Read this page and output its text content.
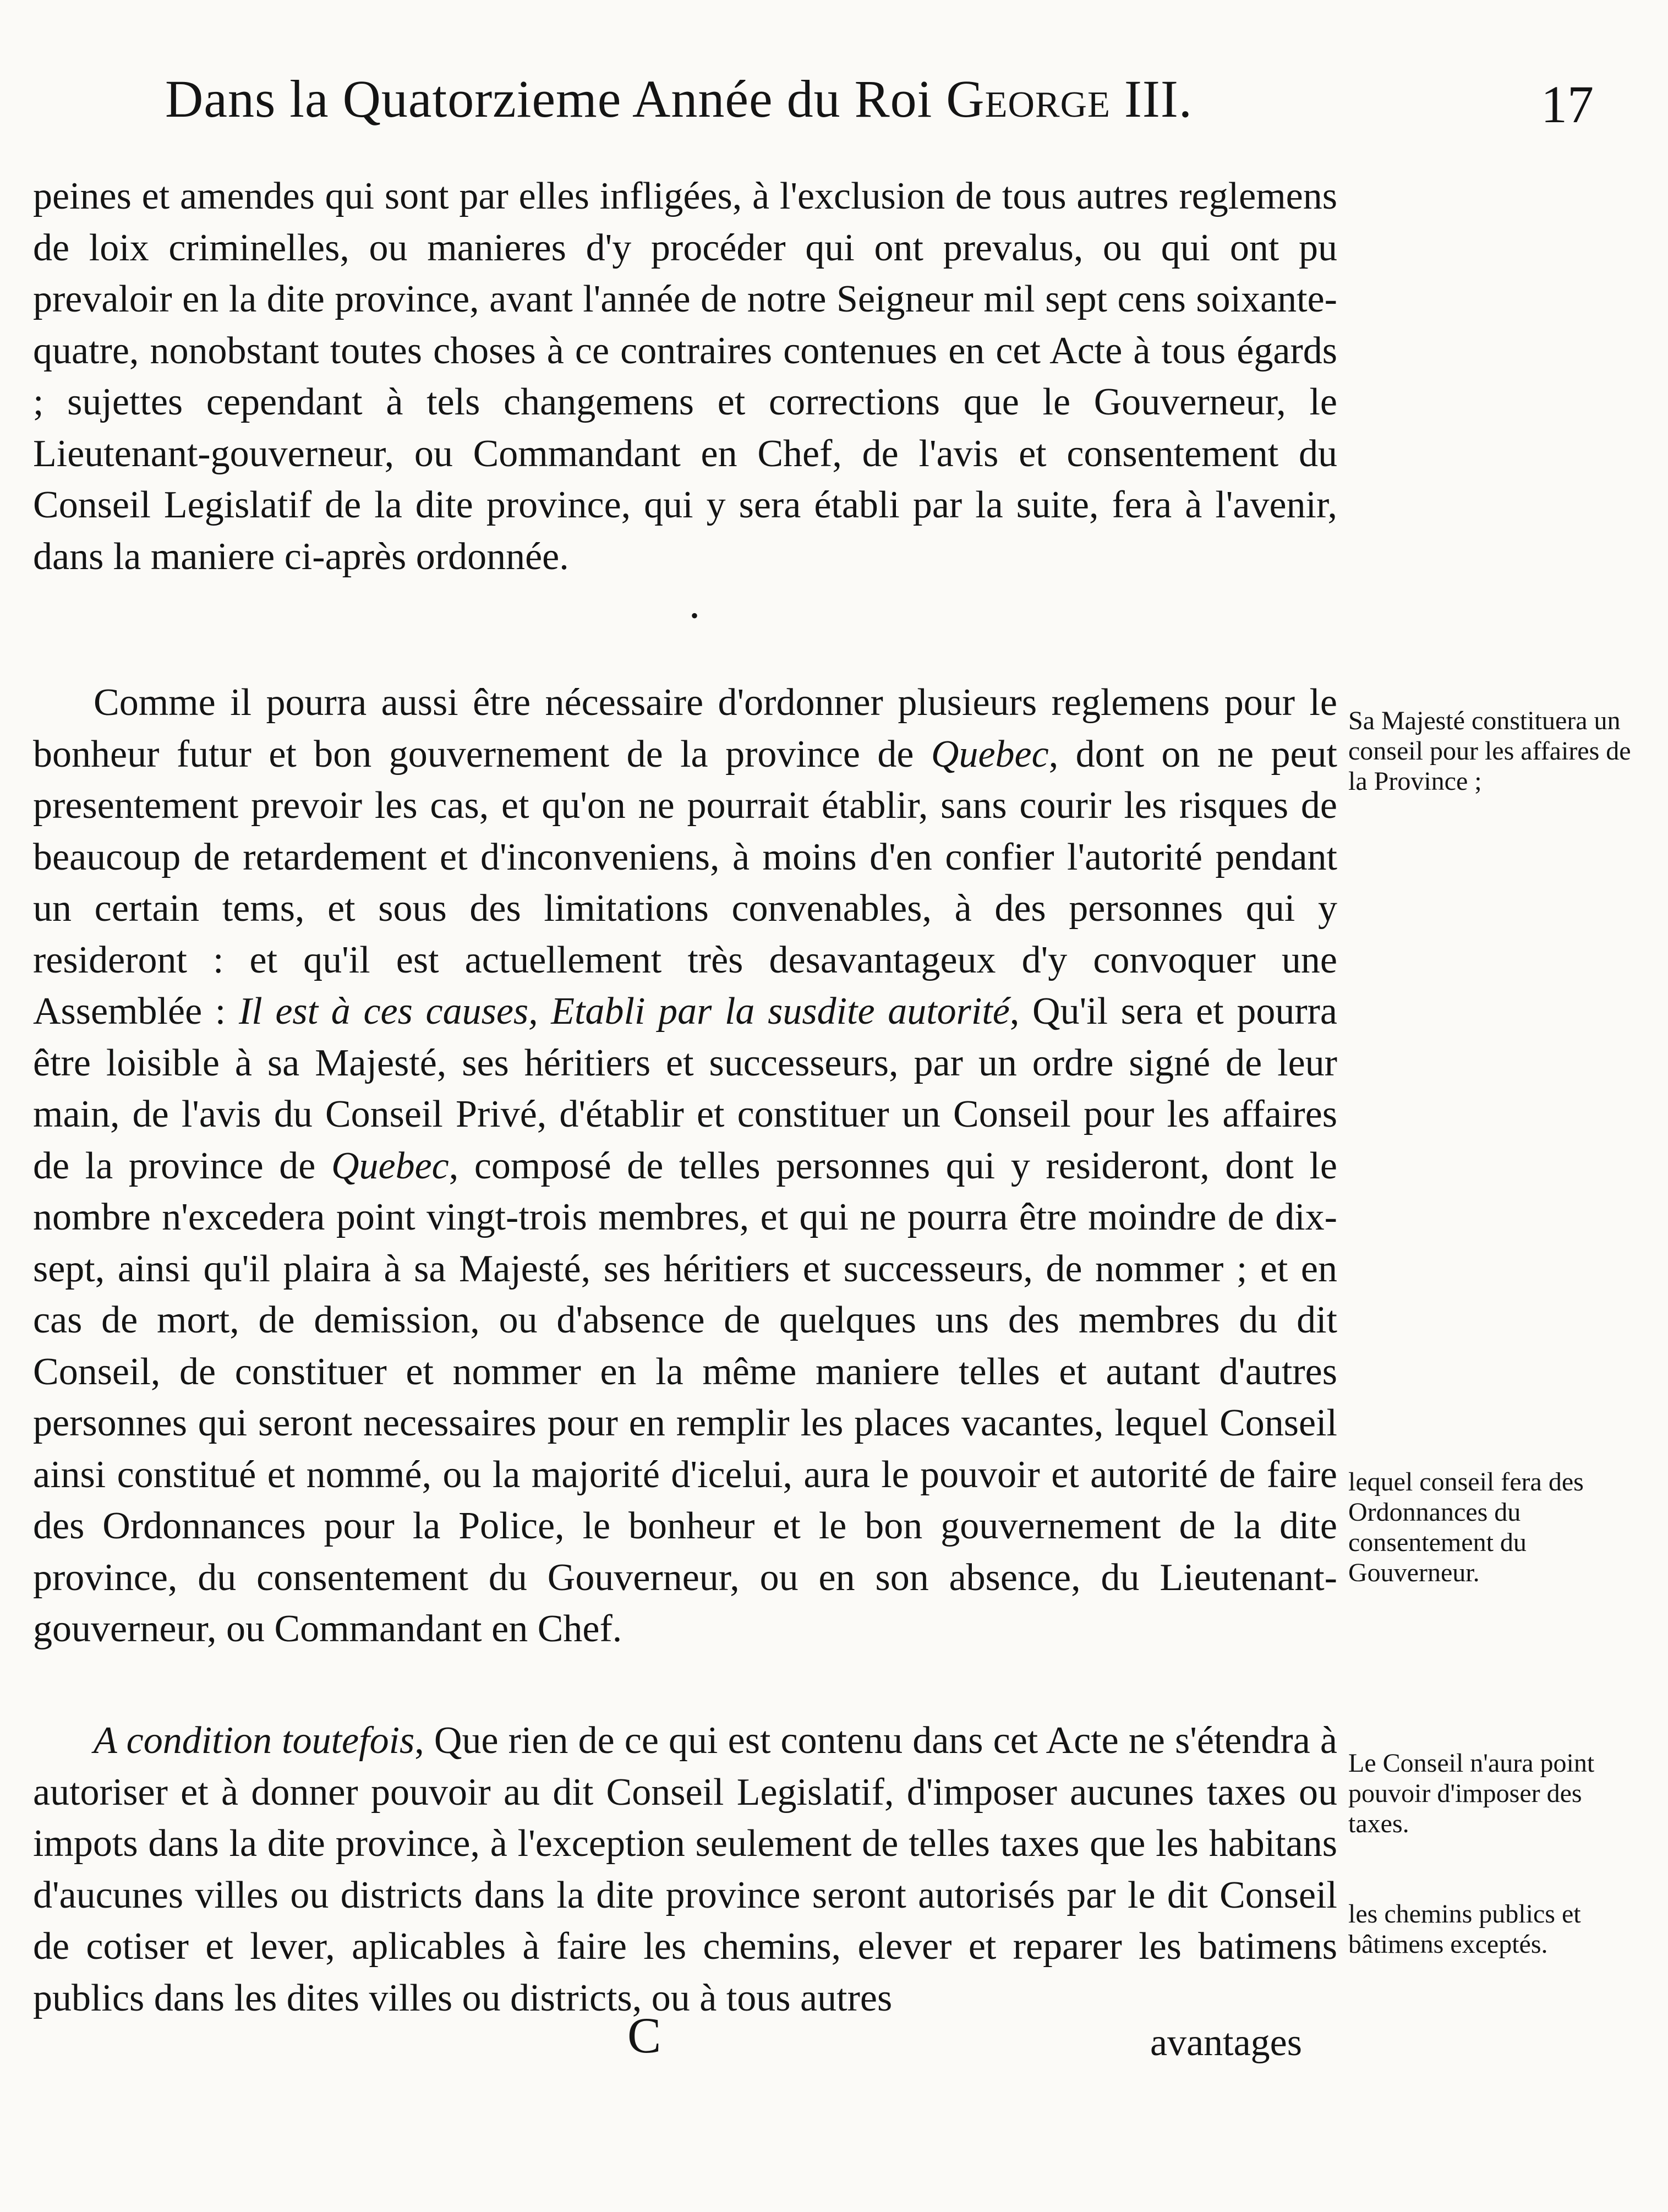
Dans la Quatorzieme Année du Roi George III.	17

peines et amendes qui sont par elles infligées, à l'exclusion de tous autres reglemens de loix criminelles, ou manieres d'y procéder qui ont prevalus, ou qui ont pu prevaloir en la dite province, avant l'année de notre Seigneur mil sept cens soixante-quatre, nonobstant toutes choses à ce contraires contenues en cet Acte à tous égards ; sujettes cependant à tels changemens et corrections que le Gouverneur, le Lieutenant-gouverneur, ou Commandant en Chef, de l'avis et consentement du Conseil Legislatif de la dite province, qui y sera établi par la suite, fera à l'avenir, dans la maniere ci-après ordonnée.

•

Comme il pourra aussi être nécessaire d'ordonner plusieurs reglemens pour le bonheur futur et bon gouvernement de la province de Quebec, dont on ne peut presentement prevoir les cas, et qu'on ne pourrait établir, sans courir les risques de beaucoup de retardement et d'inconveniens, à moins d'en confier l'autorité pendant un certain tems, et sous des limitations convenables, à des personnes qui y resideront : et qu'il est actuellement très desavantageux d'y convoquer une Assemblée : Il est à ces causes, Etabli par la susdite autorité, Qu'il sera et pourra être loisible à sa Majesté, ses héritiers et successeurs, par un ordre signé de leur main, de l'avis du Conseil Privé, d'établir et constituer un Conseil pour les affaires de la province de Quebec, composé de telles personnes qui y resideront, dont le nombre n'excedera point vingt-trois membres, et qui ne pourra être moindre de dix-sept, ainsi qu'il plaira à sa Majesté, ses héritiers et successeurs, de nommer ; et en cas de mort, de demission, ou d'absence de quelques uns des membres du dit Conseil, de constituer et nommer en la même maniere telles et autant d'autres personnes qui seront necessaires pour en remplir les places vacantes, lequel Conseil ainsi constitué et nommé, ou la majorité d'icelui, aura le pouvoir et autorité de faire des Ordonnances pour la Police, le bonheur et le bon gouvernement de la dite province, du consentement du Gouverneur, ou en son absence, du Lieutenant-gouverneur, ou Commandant en Chef.

A condition toutefois, Que rien de ce qui est contenu dans cet Acte ne s'étendra à autoriser et à donner pouvoir au dit Conseil Legislatif, d'imposer aucunes taxes ou impots dans la dite province, à l'exception seulement de telles taxes que les habitans d'aucunes villes ou districts dans la dite province seront autorisés par le dit Conseil de cotiser et lever, aplicables à faire les chemins, elever et reparer les batimens publics dans les dites villes ou districts, ou à tous autres

Sa Majesté constituera un conseil pour les affaires de la Province ;
lequel conseil fera des Ordonnances du consentement du Gouverneur.
Le Conseil n'aura point pouvoir d'imposer des taxes.
les chemins publics et bâtimens exceptés.
C	avantages
